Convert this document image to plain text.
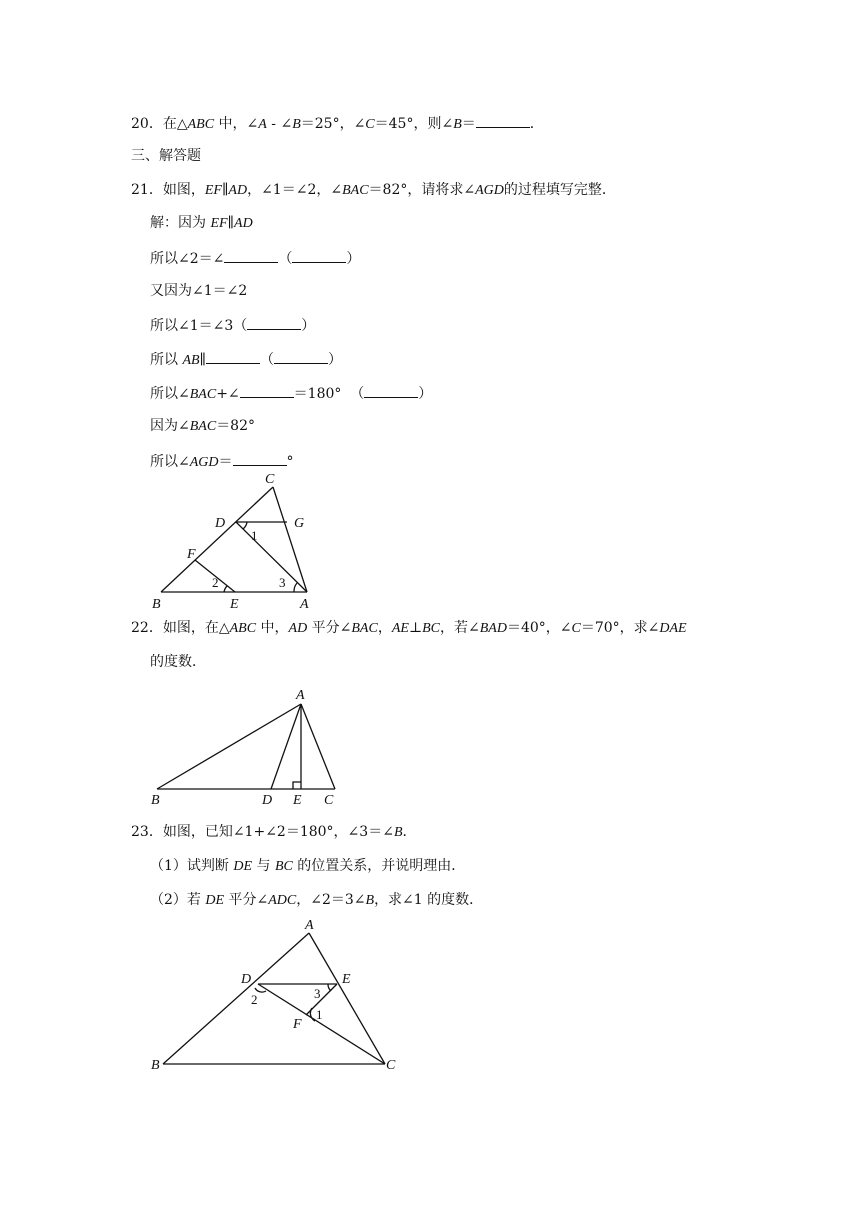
20．在△ABC 中，∠A - ∠B＝25°，∠C＝45°，则∠B＝	．
三、解答题
21．如图，EF∥AD，∠1＝∠2，∠BAC＝82°，请将求∠AGD的过程填写完整．
解：因为 EF∥AD
所以∠2＝∠	（	）
又因为∠1＝∠2
所以∠1＝∠3（	）
所以 AB∥	（	）
所以∠BAC+∠	＝180° （	）
因为∠BAC＝82°
所以∠AGD＝	°
C
D	G
1
F
2	3
B	E	A
22．如图，在△ABC 中，AD 平分∠BAC，AE⊥BC，若∠BAD＝40°，∠C＝70°，求∠DAE
的度数．
A
B	D E C
23．如图，已知∠1+∠2＝180°，∠3＝∠B．
（1）试判断 DE 与 BC 的位置关系，并说明理由．
（2）若 DE 平分∠ADC，∠2＝3∠B，求∠1 的度数．
A
D	E
2	3
F
1
B	C
